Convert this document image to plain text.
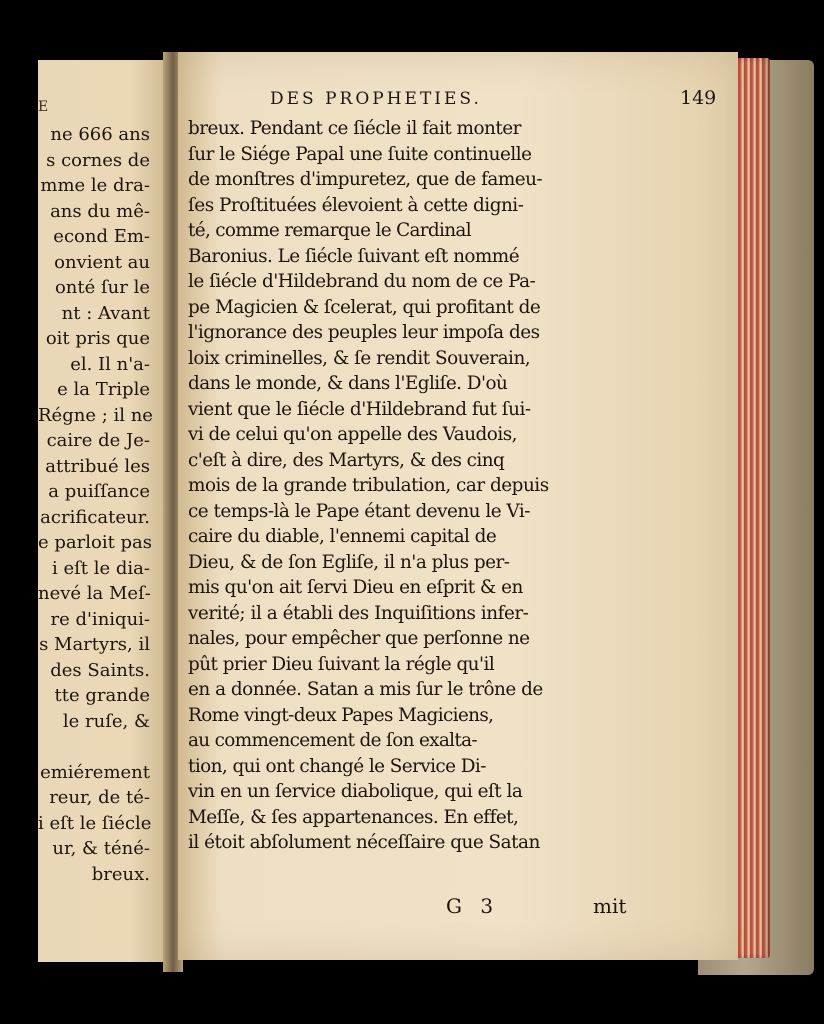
E
ne 666 ans
s cornes de
mme le dra-
ans du mê-
econd Em-
onvient au
onté ſur le
nt : Avant
oit pris que
el. Il n'a-
e la Triple
Régne ; il ne
caire de Je-
attribué les
a puiſſance
acrificateur.
e parloit pas
i eſt le dia-
nevé la Meſ-
re d'iniqui-
s Martyrs, il
des Saints.
tte grande
le ruſe, &
emiérement
reur, de té-
i eſt le ſiécle
ur, & téné-
breux.
DES PROPHETIES.	149
breux. Pendant ce ſiécle il fait monter
ſur le Siége Papal une ſuite continuelle
de monſtres d'impuretez, que de fameu-
ſes Proſtituées élevoient à cette digni-
té, comme remarque le Cardinal
Baronius. Le ſiécle ſuivant eſt nommé
le ſiécle d'Hildebrand du nom de ce Pa-
pe Magicien & ſcelerat, qui profitant de
l'ignorance des peuples leur impoſa des
loix criminelles, & ſe rendit Souverain,
dans le monde, & dans l'Egliſe. D'où
vient que le ſiécle d'Hildebrand fut ſui-
vi de celui qu'on appelle des Vaudois,
c'eſt à dire, des Martyrs, & des cinq
mois de la grande tribulation, car depuis
ce temps-là le Pape étant devenu le Vi-
caire du diable, l'ennemi capital de
Dieu, & de ſon Egliſe, il n'a plus per-
mis qu'on ait ſervi Dieu en eſprit & en
verité; il a établi des Inquiſitions infer-
nales, pour empêcher que perſonne ne
pût prier Dieu ſuivant la régle qu'il
en a donnée. Satan a mis ſur le trône de
Rome vingt-deux Papes Magiciens,
au commencement de ſon exalta-
tion, qui ont changé le Service Di-
vin en un ſervice diabolique, qui eſt la
Meſſe, & ſes appartenances. En effet,
il étoit abſolument néceſſaire que Satan
G 3	mit
